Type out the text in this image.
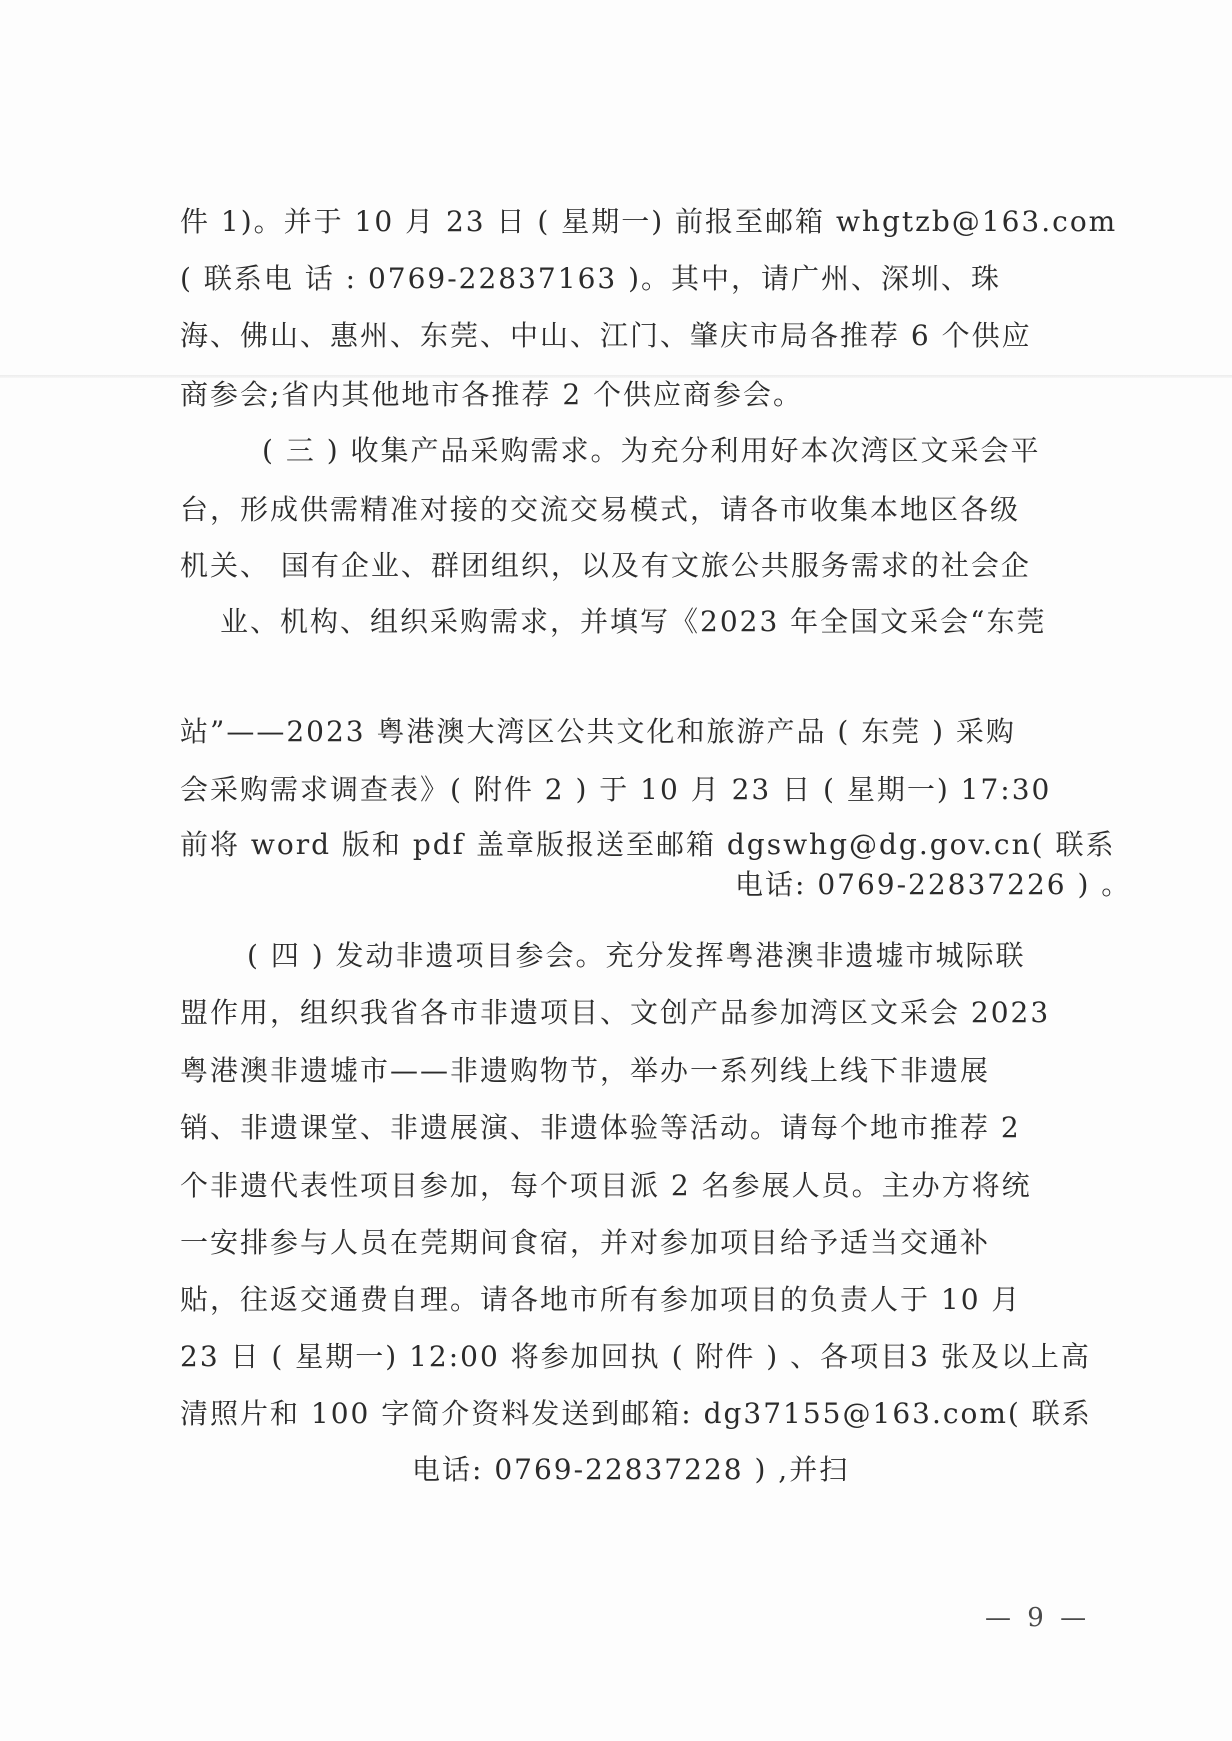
件 1)。并于 10 月 23 日 ( 星期一) 前报至邮箱 whgtzb@163.com
( 联系电 话 : 0769-22837163 )。其中，请广州、深圳、珠
海、佛山、惠州、东莞、中山、江门、肇庆市局各推荐 6 个供应
商参会;省内其他地市各推荐 2 个供应商参会。
( 三 ) 收集产品采购需求。为充分利用好本次湾区文采会平
台，形成供需精准对接的交流交易模式，请各市收集本地区各级
机关、 国有企业、群团组织，以及有文旅公共服务需求的社会企
业、机构、组织采购需求，并填写《2023 年全国文采会“东莞
站”——2023 粤港澳大湾区公共文化和旅游产品 ( 东莞 ) 采购
会采购需求调查表》( 附件 2 ) 于 10 月 23 日 ( 星期一) 17:30
前将 word 版和 pdf 盖章版报送至邮箱 dgswhg@dg.gov.cn( 联系
电话: 0769-22837226 ) 。
( 四 ) 发动非遗项目参会。充分发挥粤港澳非遗墟市城际联
盟作用，组织我省各市非遗项目、文创产品参加湾区文采会 2023
粤港澳非遗墟市——非遗购物节，举办一系列线上线下非遗展
销、非遗课堂、非遗展演、非遗体验等活动。请每个地市推荐 2
个非遗代表性项目参加，每个项目派 2 名参展人员。主办方将统
一安排参与人员在莞期间食宿，并对参加项目给予适当交通补
贴，往返交通费自理。请各地市所有参加项目的负责人于 10 月
23 日 ( 星期一) 12:00 将参加回执 ( 附件 ) 、各项目3 张及以上高
清照片和 100 字简介资料发送到邮箱: dg37155@163.com( 联系
电话: 0769-22837228 ) ,并扫
— 9 —
